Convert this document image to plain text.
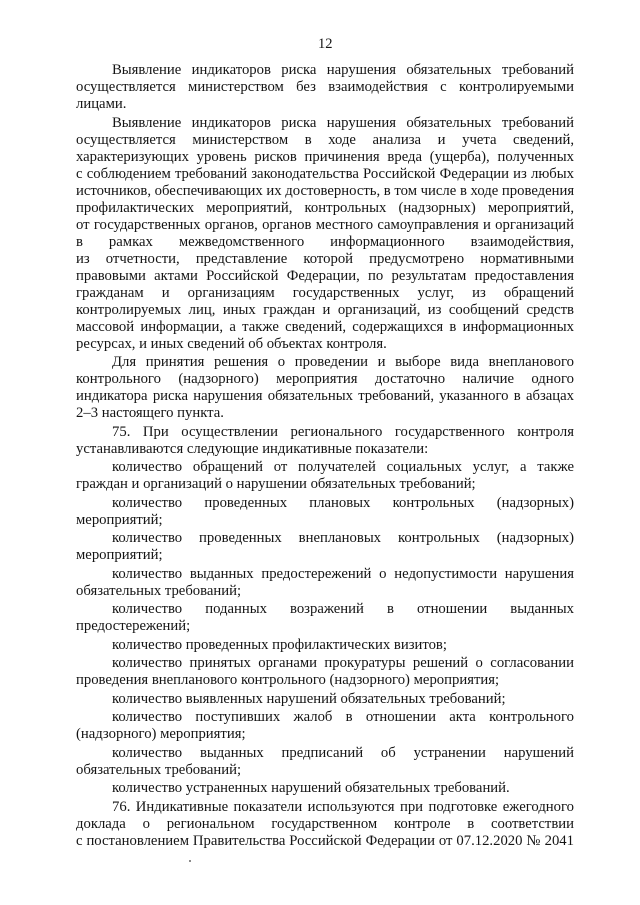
12
Выявление индикаторов риска нарушения обязательных требований
осуществляется министерством без взаимодействия с контролируемыми
лицами.
Выявление индикаторов риска нарушения обязательных требований
осуществляется министерством в ходе анализа и учета сведений,
характеризующих уровень рисков причинения вреда (ущерба), полученных
с соблюдением требований законодательства Российской Федерации из любых
источников, обеспечивающих их достоверность, в том числе в ходе проведения
профилактических мероприятий, контрольных (надзорных) мероприятий,
от государственных органов, органов местного самоуправления и организаций
в рамках межведомственного информационного взаимодействия,
из отчетности, представление которой предусмотрено нормативными
правовыми актами Российской Федерации, по результатам предоставления
гражданам и организациям государственных услуг, из обращений
контролируемых лиц, иных граждан и организаций, из сообщений средств
массовой информации, а также сведений, содержащихся в информационных
ресурсах, и иных сведений об объектах контроля.
Для принятия решения о проведении и выборе вида внепланового
контрольного (надзорного) мероприятия достаточно наличие одного
индикатора риска нарушения обязательных требований, указанного в абзацах
2–3 настоящего пункта.
75. При осуществлении регионального государственного контроля
устанавливаются следующие индикативные показатели:
количество обращений от получателей социальных услуг, а также
граждан и организаций о нарушении обязательных требований;
количество проведенных плановых контрольных (надзорных)
мероприятий;
количество проведенных внеплановых контрольных (надзорных)
мероприятий;
количество выданных предостережений о недопустимости нарушения
обязательных требований;
количество поданных возражений в отношении выданных
предостережений;
количество проведенных профилактических визитов;
количество принятых органами прокуратуры решений о согласовании
проведения внепланового контрольного (надзорного) мероприятия;
количество выявленных нарушений обязательных требований;
количество поступивших жалоб в отношении акта контрольного
(надзорного) мероприятия;
количество выданных предписаний об устранении нарушений
обязательных требований;
количество устраненных нарушений обязательных требований.
76. Индикативные показатели используются при подготовке ежегодного
доклада о региональном государственном контроле в соответствии
с постановлением Правительства Российской Федерации от 07.12.2020 № 2041
